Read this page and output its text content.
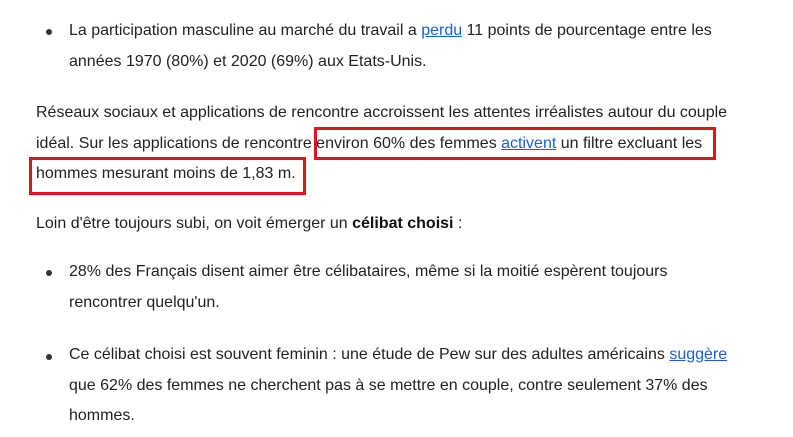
La participation masculine au marché du travail a perdu 11 points de pourcentage entre les
années 1970 (80%) et 2020 (69%) aux Etats-Unis.
Réseaux sociaux et applications de rencontre accroissent les attentes irréalistes autour du couple
idéal. Sur les applications de rencontre environ 60% des femmes activent un filtre excluant les
hommes mesurant moins de 1,83 m.
Loin d'être toujours subi, on voit émerger un célibat choisi :
28% des Français disent aimer être célibataires, même si la moitié espèrent toujours
rencontrer quelqu'un.
Ce célibat choisi est souvent feminin : une étude de Pew sur des adultes américains suggère
que 62% des femmes ne cherchent pas à se mettre en couple, contre seulement 37% des
hommes.
